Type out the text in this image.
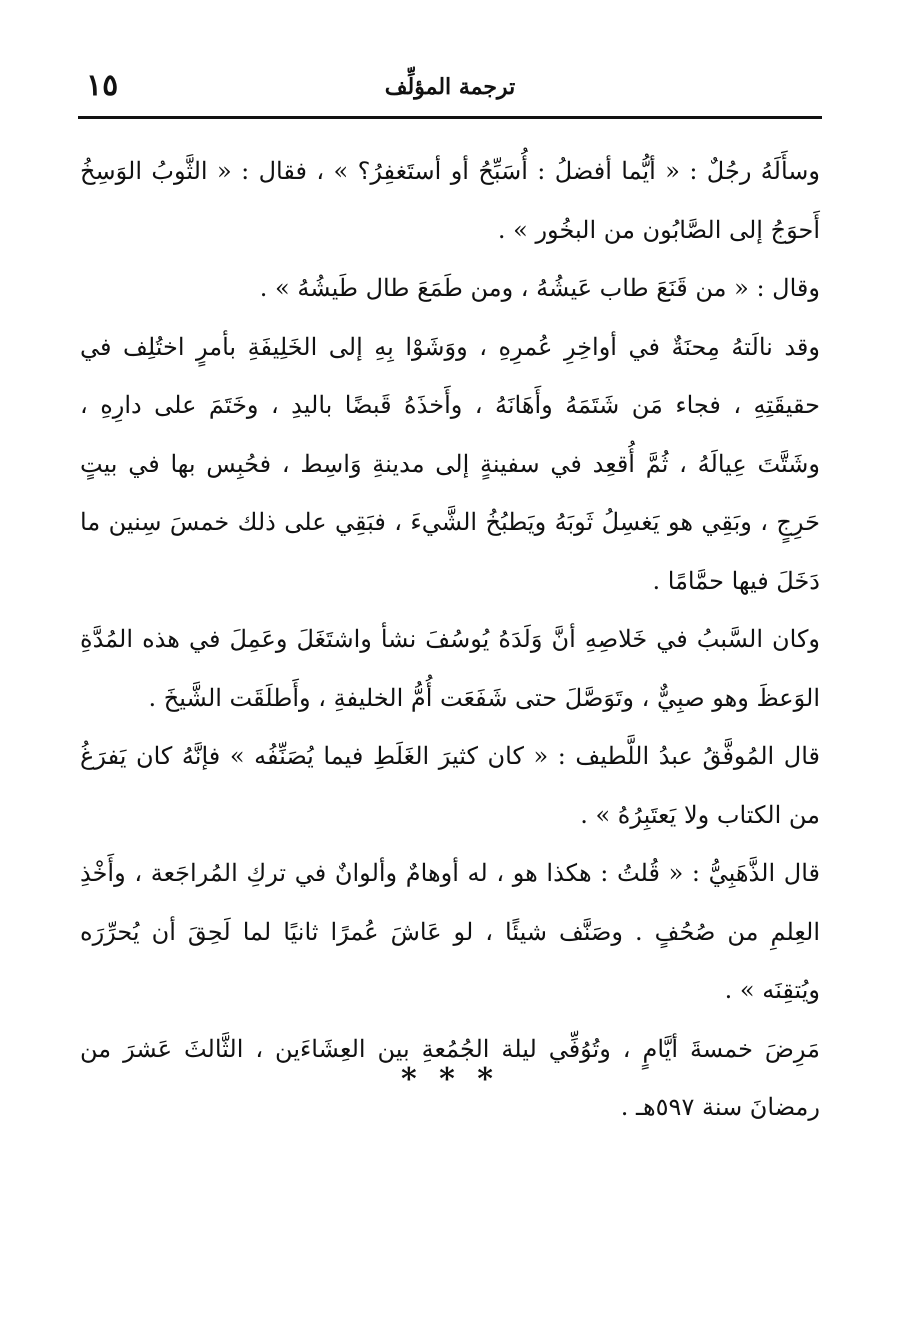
ترجمة المؤلِّف
١٥

وسأَلَهُ رجُلٌ : « أيُّما أفضلُ : أُسَبِّحُ أو أستَغفِرُ؟ » ، فقال : « الثَّوبُ الوَسِخُ أَحوَجُ إلى الصَّابُون من البخُور » .

وقال : « من قَنَعَ طاب عَيشُهُ ، ومن طَمَعَ طال طَيشُهُ » .

وقد نالَتهُ مِحنَةٌ في أواخِرِ عُمرِهِ ، ووَشَوْا بِهِ إلى الخَلِيفَةِ بأمرٍ اختُلِف في حقيقَتِهِ ، فجاء مَن شَتَمَهُ وأَهَانَهُ ، وأَخذَهُ قَبضًا باليدِ ، وخَتَمَ على دارِهِ ، وشَتَّتَ عِيالَهُ ، ثُمَّ أُقعِد في سفينةٍ إلى مدينةِ وَاسِط ، فحُبِس بها في بيتٍ حَرِجٍ ، وبَقِي هو يَغسِلُ ثَوبَهُ ويَطبُخُ الشَّيءَ ، فبَقِي على ذلك خمسَ سِنين ما دَخَلَ فيها حمَّامًا .

وكان السَّببُ في خَلاصِهِ أنَّ وَلَدَهُ يُوسُفَ نشأ واشتَغَلَ وعَمِلَ في هذه المُدَّةِ الوَعظَ وهو صبِيٌّ ، وتَوَصَّلَ حتى شَفَعَت أُمُّ الخليفةِ ، وأَطلَقَت الشَّيخَ .

قال المُوفَّقُ عبدُ اللَّطيف : « كان كثيرَ الغَلَطِ فيما يُصَنِّفُه » فإنَّهُ كان يَفرَغُ من الكتاب ولا يَعتَبِرُهُ » .

قال الذَّهَبِيُّ : « قُلتُ : هكذا هو ، له أوهامٌ وألوانٌ في تركِ المُراجَعة ، وأَخْذِ العِلمِ من صُحُفٍ . وصَنَّف شيئًا ، لو عَاشَ عُمرًا ثانيًا لما لَحِقَ أن يُحرِّرَه ويُتقِنَه » .

مَرِضَ خمسةَ أيَّامٍ ، وتُوُفِّي ليلة الجُمُعةِ بين العِشَاءَين ، الثَّالثَ عَشرَ من رمضانَ سنة ٥٩٧هـ .

* * *
